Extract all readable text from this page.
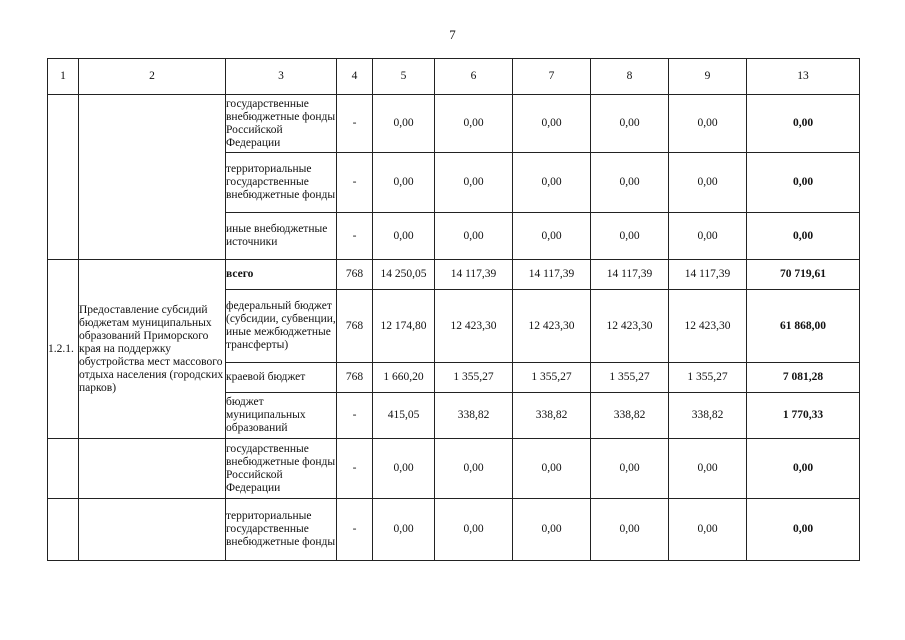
7
1	2	3	4	5	6	7	8	9	13
		государственные внебюджетные фонды Российской Федерации	-	0,00	0,00	0,00	0,00	0,00	0,00
		территориальные государственные внебюджетные фонды	-	0,00	0,00	0,00	0,00	0,00	0,00
		иные внебюджетные источники	-	0,00	0,00	0,00	0,00	0,00	0,00
1.2.1.	Предоставление субсидий бюджетам муниципальных образований Приморского края на поддержку обустройства мест массового отдыха населения (городских парков)	всего	768	14 250,05	14 117,39	14 117,39	14 117,39	14 117,39	70 719,61
		федеральный бюджет (субсидии, субвенции, иные межбюджетные трансферты)	768	12 174,80	12 423,30	12 423,30	12 423,30	12 423,30	61 868,00
		краевой бюджет	768	1 660,20	1 355,27	1 355,27	1 355,27	1 355,27	7 081,28
		бюджет муниципальных образований	-	415,05	338,82	338,82	338,82	338,82	1 770,33
		государственные внебюджетные фонды Российской Федерации	-	0,00	0,00	0,00	0,00	0,00	0,00
		территориальные государственные внебюджетные фонды	-	0,00	0,00	0,00	0,00	0,00	0,00
